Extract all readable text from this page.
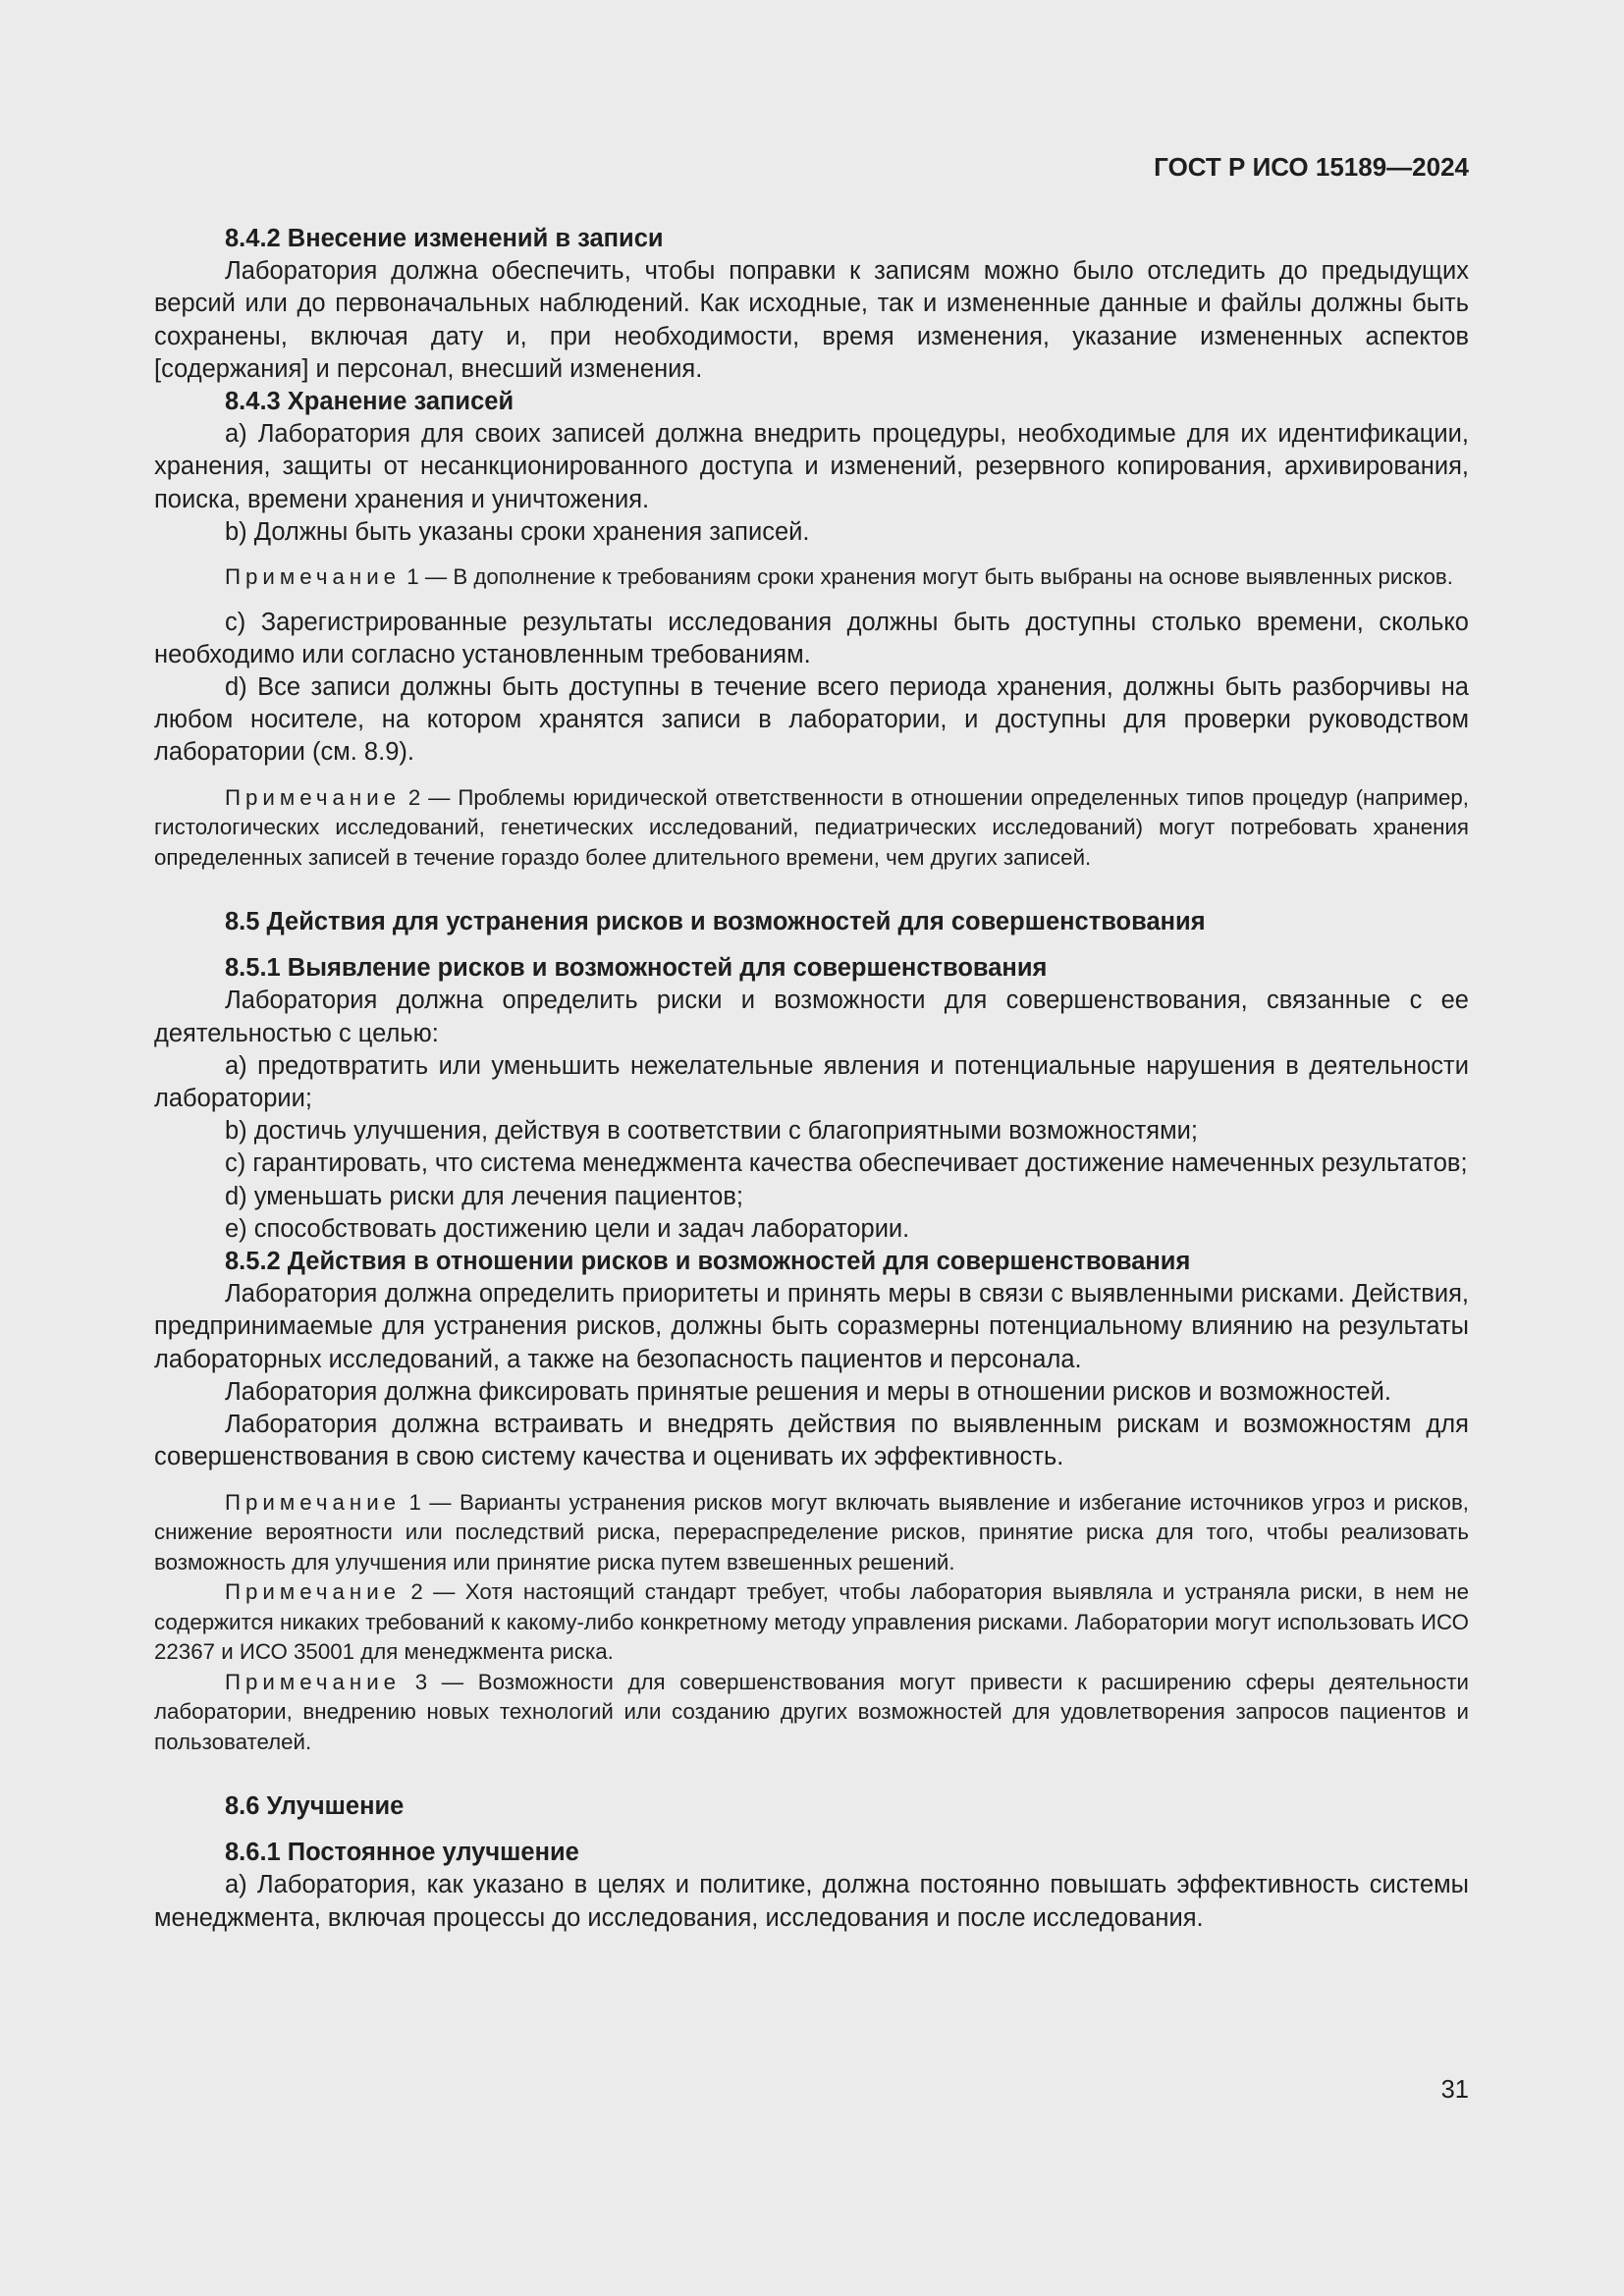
ГОСТ Р ИСО 15189—2024

8.4.2 Внесение изменений в записи

Лаборатория должна обеспечить, чтобы поправки к записям можно было отследить до предыдущих версий или до первоначальных наблюдений. Как исходные, так и измененные данные и файлы должны быть сохранены, включая дату и, при необходимости, время изменения, указание измененных аспектов [содержания] и персонал, внесший изменения.

8.4.3 Хранение записей

а) Лаборатория для своих записей должна внедрить процедуры, необходимые для их идентификации, хранения, защиты от несанкционированного доступа и изменений, резервного копирования, архивирования, поиска, времени хранения и уничтожения.

b) Должны быть указаны сроки хранения записей.

Примечание 1 — В дополнение к требованиям сроки хранения могут быть выбраны на основе выявленных рисков.

с) Зарегистрированные результаты исследования должны быть доступны столько времени, сколько необходимо или согласно установленным требованиям.

d) Все записи должны быть доступны в течение всего периода хранения, должны быть разборчивы на любом носителе, на котором хранятся записи в лаборатории, и доступны для проверки руководством лаборатории (см. 8.9).

Примечание 2 — Проблемы юридической ответственности в отношении определенных типов процедур (например, гистологических исследований, генетических исследований, педиатрических исследований) могут потребовать хранения определенных записей в течение гораздо более длительного времени, чем других записей.

8.5 Действия для устранения рисков и возможностей для совершенствования

8.5.1 Выявление рисков и возможностей для совершенствования

Лаборатория должна определить риски и возможности для совершенствования, связанные с ее деятельностью с целью:

а) предотвратить или уменьшить нежелательные явления и потенциальные нарушения в деятельности лаборатории;

b) достичь улучшения, действуя в соответствии с благоприятными возможностями;

с) гарантировать, что система менеджмента качества обеспечивает достижение намеченных результатов;

d) уменьшать риски для лечения пациентов;

е) способствовать достижению цели и задач лаборатории.

8.5.2 Действия в отношении рисков и возможностей для совершенствования

Лаборатория должна определить приоритеты и принять меры в связи с выявленными рисками. Действия, предпринимаемые для устранения рисков, должны быть соразмерны потенциальному влиянию на результаты лабораторных исследований, а также на безопасность пациентов и персонала.

Лаборатория должна фиксировать принятые решения и меры в отношении рисков и возможностей.

Лаборатория должна встраивать и внедрять действия по выявленным рискам и возможностям для совершенствования в свою систему качества и оценивать их эффективность.

Примечание 1 — Варианты устранения рисков могут включать выявление и избегание источников угроз и рисков, снижение вероятности или последствий риска, перераспределение рисков, принятие риска для того, чтобы реализовать возможность для улучшения или принятие риска путем взвешенных решений.

Примечание 2 — Хотя настоящий стандарт требует, чтобы лаборатория выявляла и устраняла риски, в нем не содержится никаких требований к какому-либо конкретному методу управления рисками. Лаборатории могут использовать ИСО 22367 и ИСО 35001 для менеджмента риска.

Примечание 3 — Возможности для совершенствования могут привести к расширению сферы деятельности лаборатории, внедрению новых технологий или созданию других возможностей для удовлетворения запросов пациентов и пользователей.

8.6 Улучшение

8.6.1 Постоянное улучшение

а) Лаборатория, как указано в целях и политике, должна постоянно повышать эффективность системы менеджмента, включая процессы до исследования, исследования и после исследования.

31
